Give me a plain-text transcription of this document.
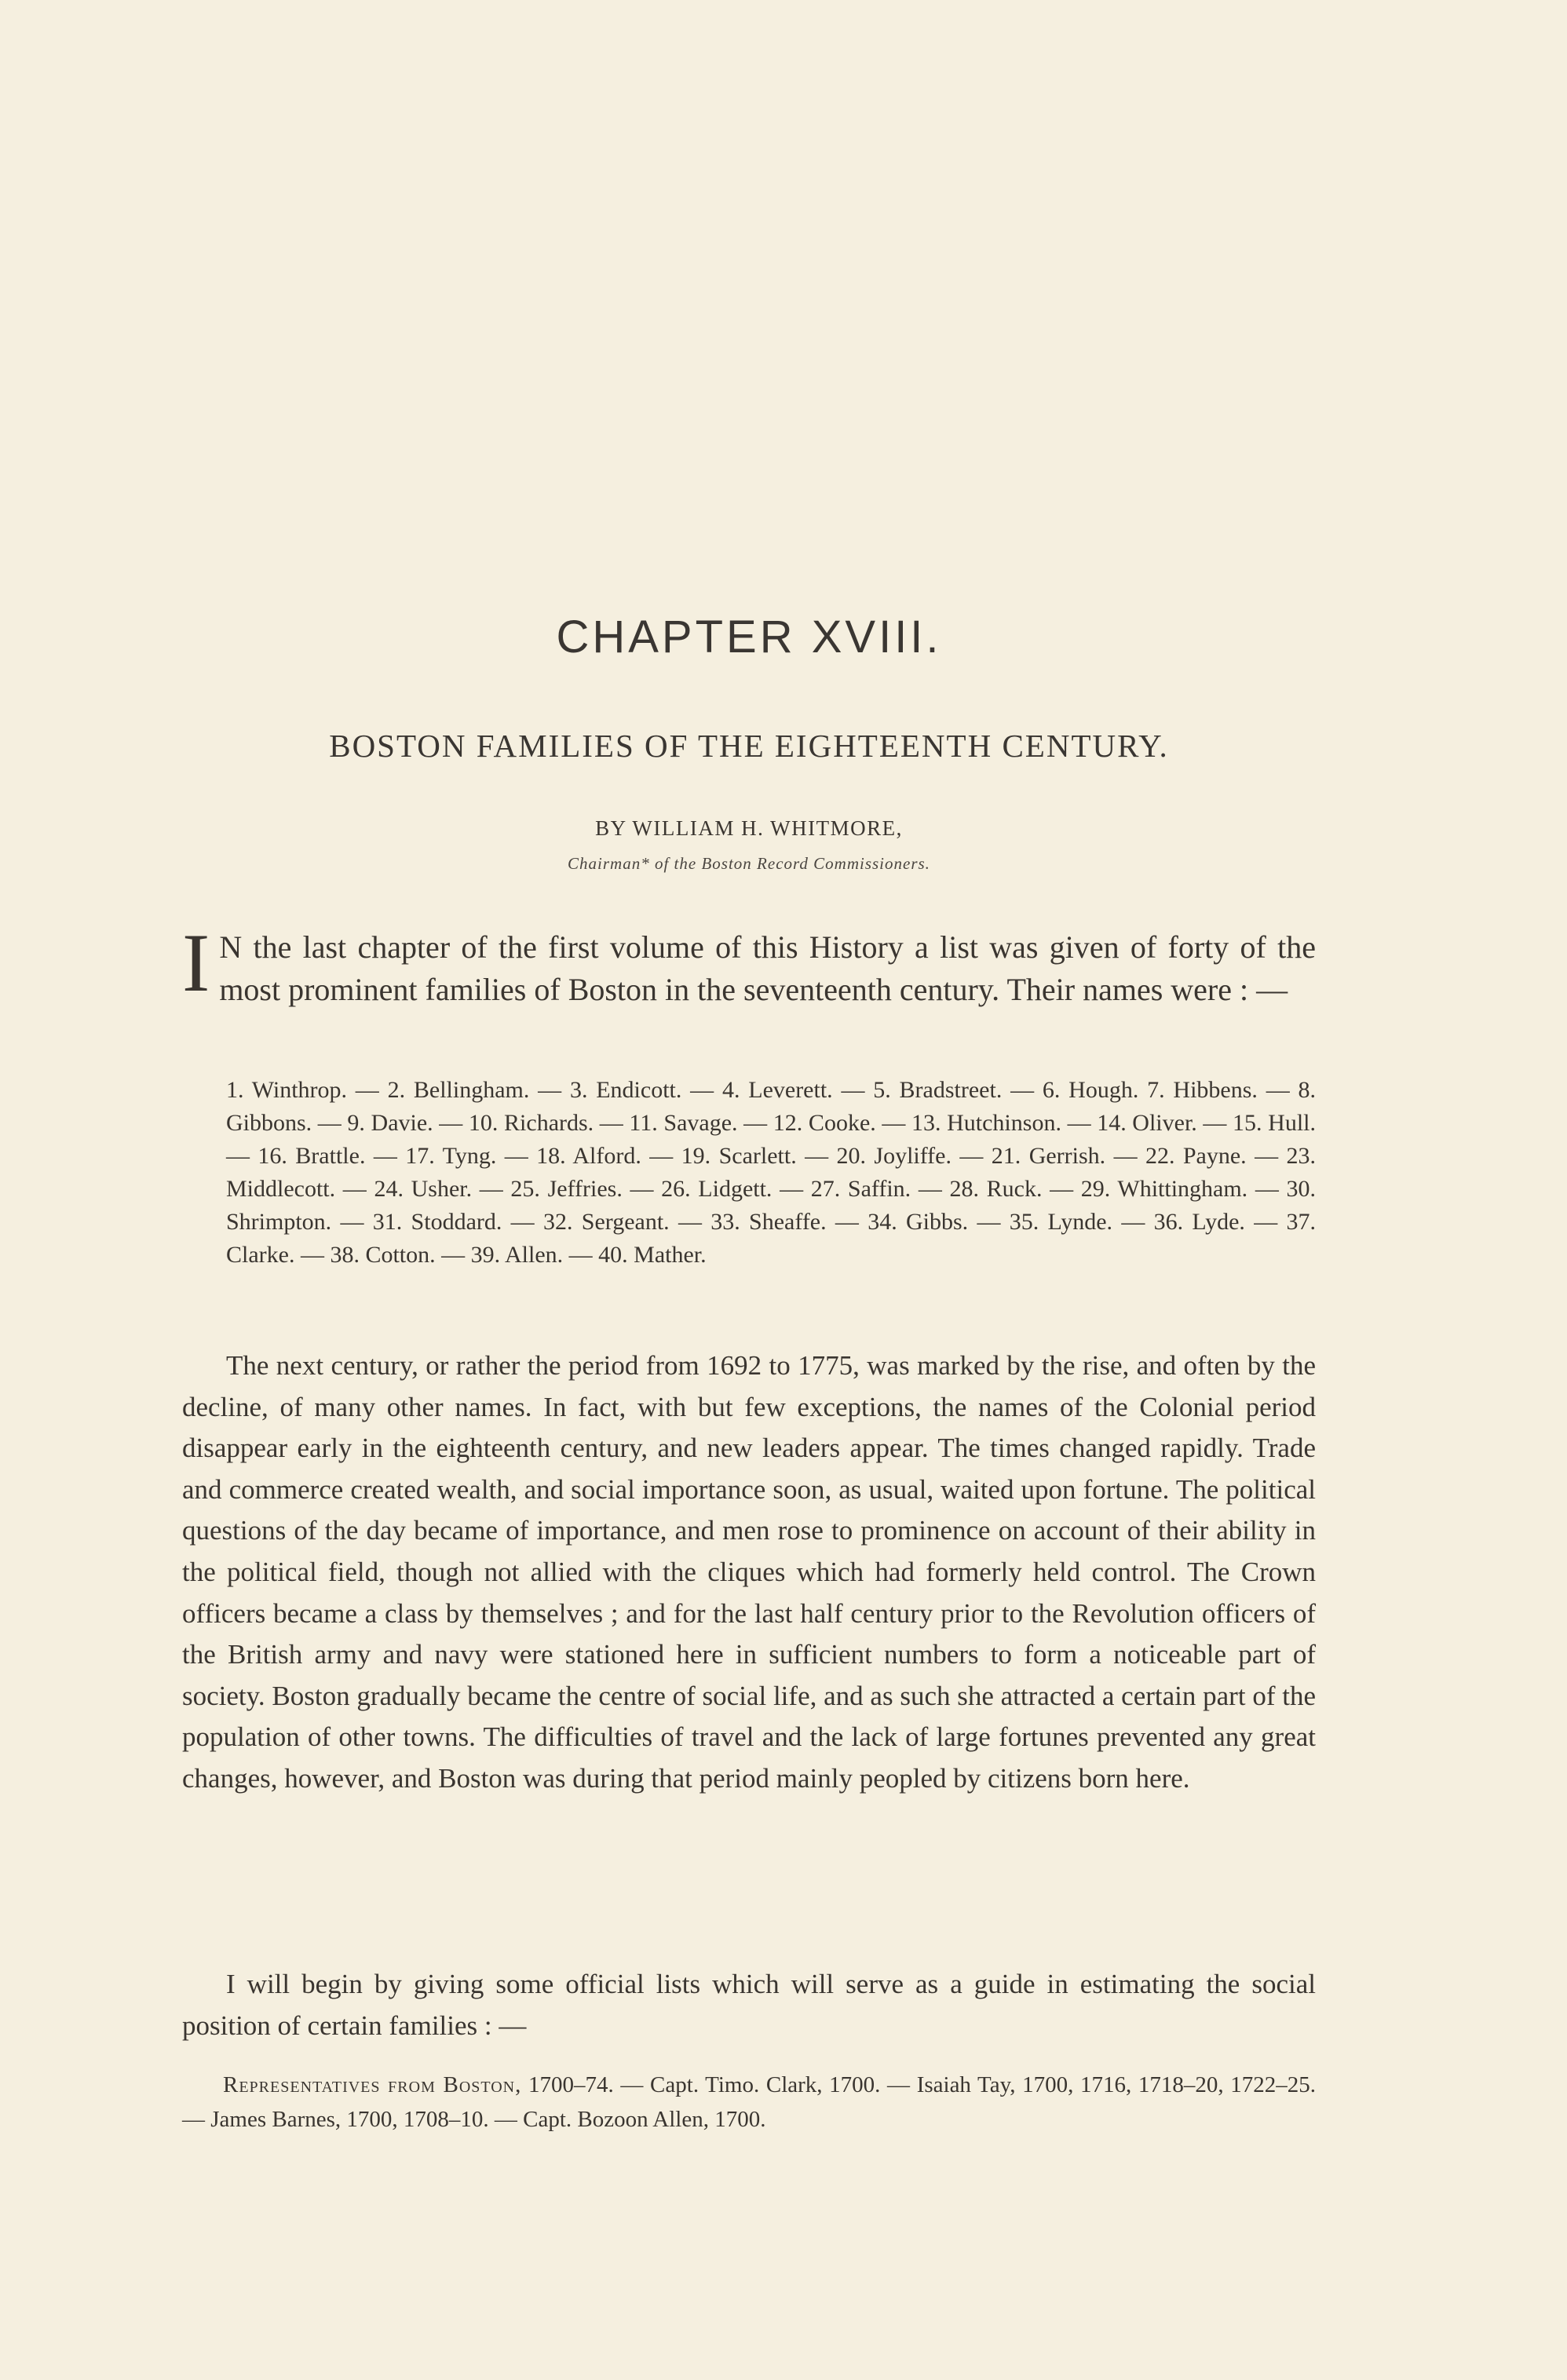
CHAPTER XVIII.
BOSTON FAMILIES OF THE EIGHTEENTH CENTURY.
BY WILLIAM H. WHITMORE,
Chairman* of the Boston Record Commissioners.
I N the last chapter of the first volume of this History a list was given of forty of the most prominent families of Boston in the seventeenth century. Their names were : —
1. Winthrop. — 2. Bellingham. — 3. Endicott. — 4. Leverett. — 5. Bradstreet. — 6. Hough. 7. Hibbens. — 8. Gibbons. — 9. Davie. — 10. Richards. — 11. Savage. — 12. Cooke. — 13. Hutchinson. — 14. Oliver. — 15. Hull. — 16. Brattle. — 17. Tyng. — 18. Alford. — 19. Scarlett. — 20. Joyliffe. — 21. Gerrish. — 22. Payne. — 23. Middlecott. — 24. Usher. — 25. Jeffries. — 26. Lidgett. — 27. Saffin. — 28. Ruck. — 29. Whittingham. — 30. Shrimpton. — 31. Stoddard. — 32. Sergeant. — 33. Sheaffe. — 34. Gibbs. — 35. Lynde. — 36. Lyde. — 37. Clarke. — 38. Cotton. — 39. Allen. — 40. Mather.
The next century, or rather the period from 1692 to 1775, was marked by the rise, and often by the decline, of many other names. In fact, with but few exceptions, the names of the Colonial period disappear early in the eighteenth century, and new leaders appear. The times changed rapidly. Trade and commerce created wealth, and social importance soon, as usual, waited upon fortune. The political questions of the day became of importance, and men rose to prominence on account of their ability in the political field, though not allied with the cliques which had formerly held control. The Crown officers became a class by themselves ; and for the last half century prior to the Revolution officers of the British army and navy were stationed here in sufficient numbers to form a noticeable part of society. Boston gradually became the centre of social life, and as such she attracted a certain part of the population of other towns. The difficulties of travel and the lack of large fortunes prevented any great changes, however, and Boston was during that period mainly peopled by citizens born here.
I will begin by giving some official lists which will serve as a guide in estimating the social position of certain families : —
Representatives from Boston, 1700–74. — Capt. Timo. Clark, 1700. — Isaiah Tay, 1700, 1716, 1718–20, 1722–25. — James Barnes, 1700, 1708–10. — Capt. Bozoon Allen, 1700.
